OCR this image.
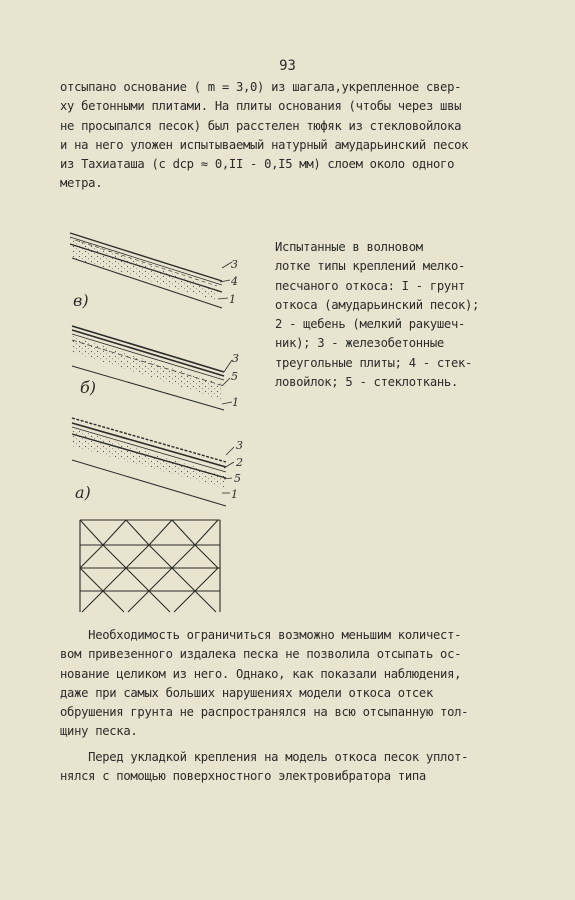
93
отсыпано основание ( m = 3,0) из шагала,укрепленное свер-
ху бетонными плитами. На плиты основания (чтобы через швы
не просыпался песок) был расстелен тюфяк из стекловойлока
и на него уложен испытываемый натурный амударьинский песок
из Тахиаташа (с dср ≈ 0,II - 0,I5 мм) слоем около одного
метра.
в)
3
4
1
б)
3
5
1
а)
3
2
5
1
Испытанные в волновом
лотке типы креплений мелко-
песчаного откоса: I - грунт
откоса (амударьинский песок);
2 - щебень (мелкий ракушеч-
ник); 3 - железобетонные
треугольные плиты; 4 - стек-
ловойлок; 5 - стеклоткань.
Необходимость ограничиться возможно меньшим количест-
вом привезенного издалека песка не позволила отсыпать ос-
нование целиком из него. Однако, как показали наблюдения,
даже при самых больших нарушениях модели откоса отсек
обрушения грунта не распространялся на всю отсыпанную тол-
щину песка.
Перед укладкой крепления на модель откоса песок уплот-
нялся с помощью поверхностного электровибратора типа
